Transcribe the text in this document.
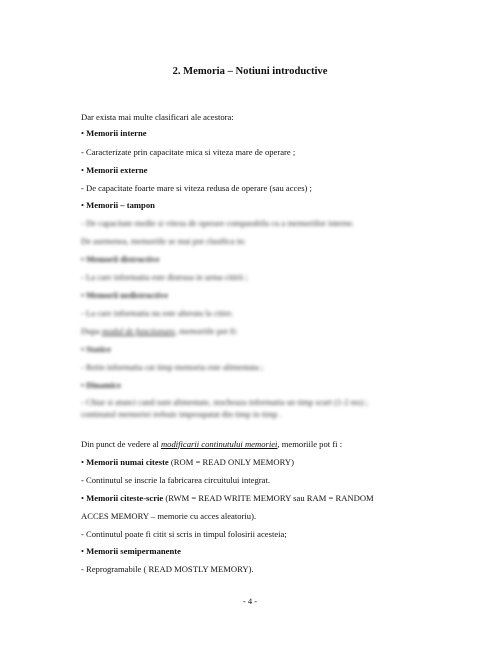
2. Memoria – Notiuni introductive
Dar exista mai multe clasificari ale acestora:
• Memorii interne
- Caracterizate prin capacitate mica si viteza mare de operare ;
• Memorii externe
- De capacitate foarte mare si viteza redusa de operare (sau acces) ;
• Memorii – tampon
- De capacitate medie si viteza de operare comparabila cu a memoriilor interne.
De asemenea, memoriile se mai pot clasifica in:
• Memorii distructive
- La care informatia este distrusa in urma citirii ;
• Memorii nedistructive
- La care informatia nu este alterata la citire.
Dupa modul de functionare, memoriile pot fi:
• Statice
- Retin informatia cat timp memoria este alimentata ;
• Dinamice
- Chiar si atunci cand sunt alimentate, stocheaza informatia un timp scurt (1-2 ms) ;
continutul memoriei trebuie improspatat din timp in timp .
Din punct de vedere al modificarii continutului memoriei, memoriile pot fi :
• Memorii numai citeste (ROM = READ ONLY MEMORY)
- Continutul se inscrie la fabricarea circuitului integrat.
• Memorii citeste-scrie (RWM = READ WRITE MEMORY sau RAM = RANDOM
ACCES MEMORY – memorie cu acces aleatoriu).
- Continutul poate fi citit si scris in timpul folosirii acesteia;
• Memorii semipermanente
- Reprogramabile ( READ MOSTLY MEMORY).
- 4 -
